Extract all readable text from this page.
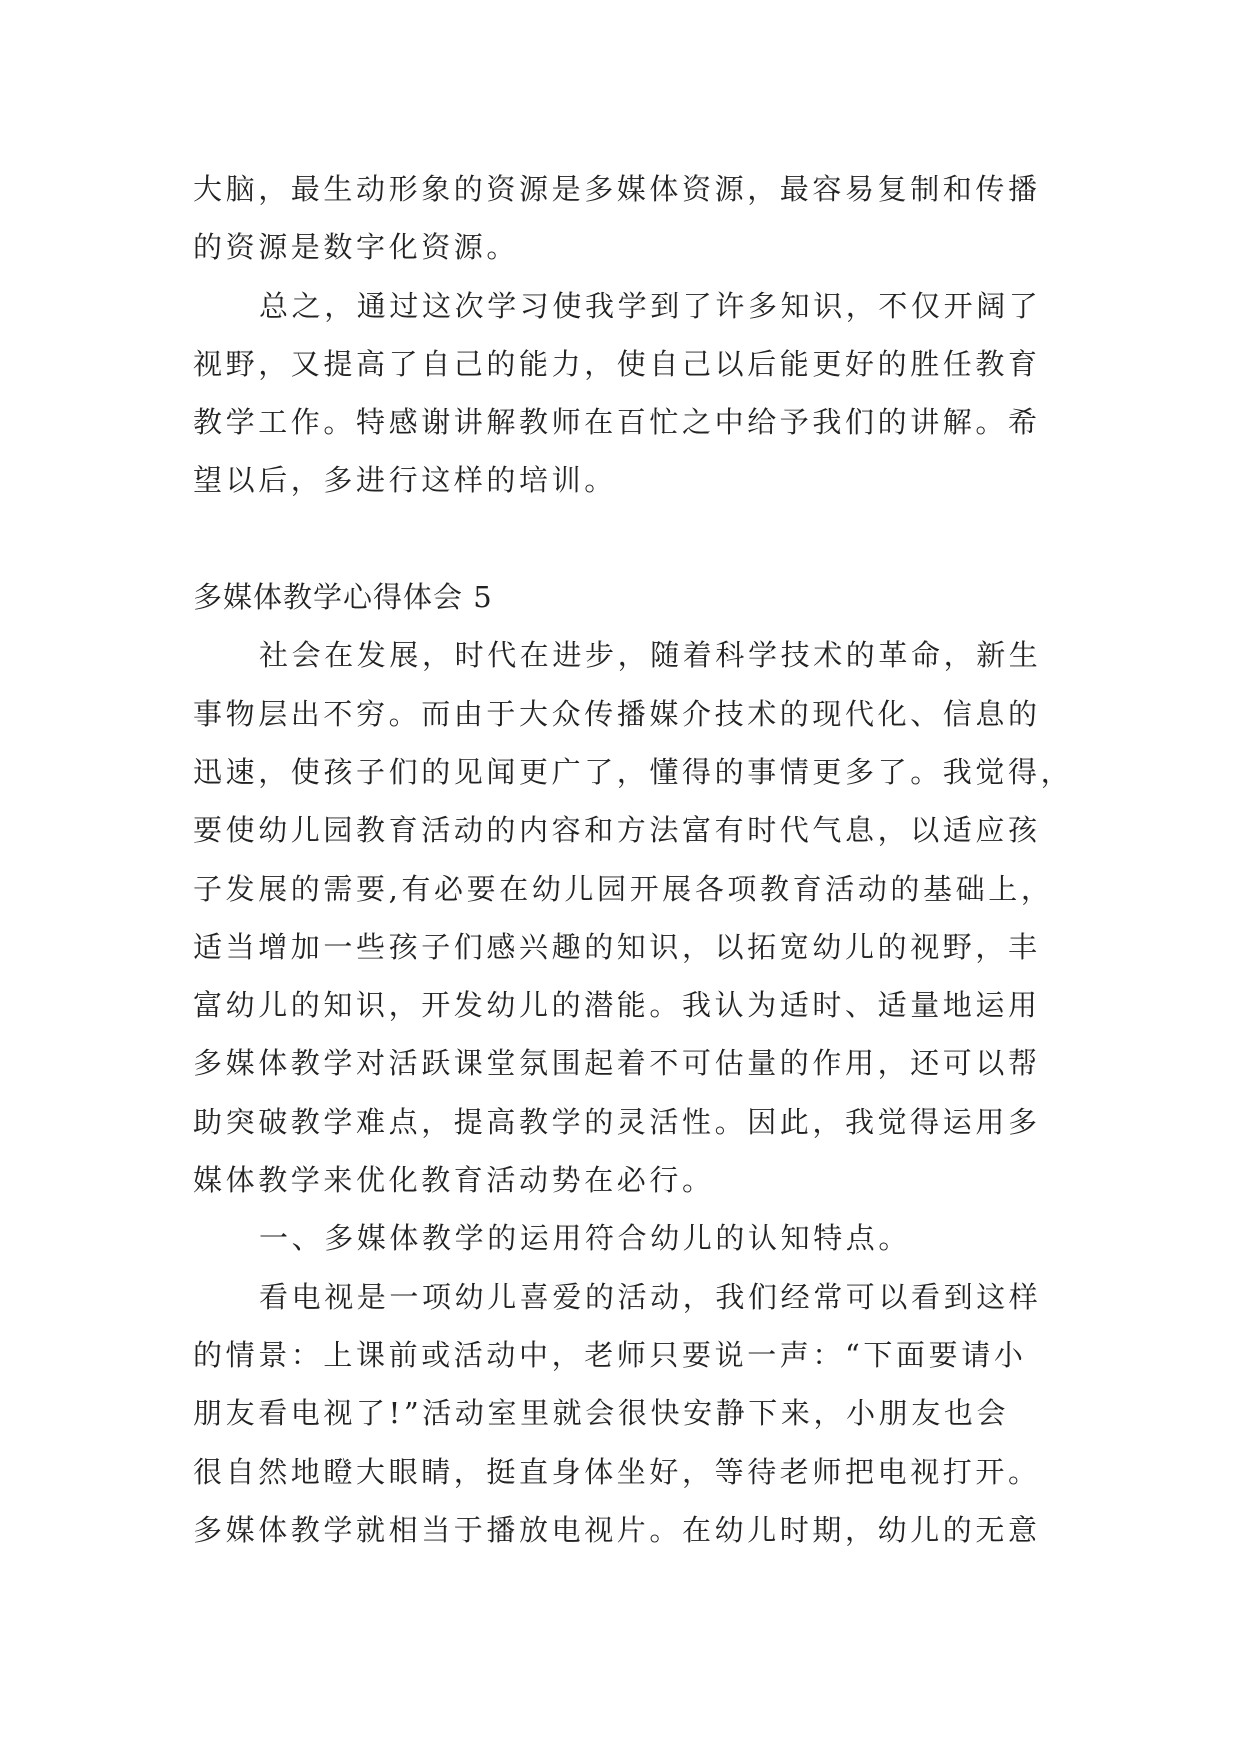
大脑，最生动形象的资源是多媒体资源，最容易复制和传播
的资源是数字化资源。
总之，通过这次学习使我学到了许多知识，不仅开阔了
视野，又提高了自己的能力，使自己以后能更好的胜任教育
教学工作。特感谢讲解教师在百忙之中给予我们的讲解。希
望以后，多进行这样的培训。
多媒体教学心得体会 5
社会在发展，时代在进步，随着科学技术的革命，新生
事物层出不穷。而由于大众传播媒介技术的现代化、信息的
迅速，使孩子们的见闻更广了，懂得的事情更多了。我觉得，
要使幼儿园教育活动的内容和方法富有时代气息，以适应孩
子发展的需要,有必要在幼儿园开展各项教育活动的基础上，
适当增加一些孩子们感兴趣的知识，以拓宽幼儿的视野，丰
富幼儿的知识，开发幼儿的潜能。我认为适时、适量地运用
多媒体教学对活跃课堂氛围起着不可估量的作用，还可以帮
助突破教学难点，提高教学的灵活性。因此，我觉得运用多
媒体教学来优化教育活动势在必行。
一、多媒体教学的运用符合幼儿的认知特点。
看电视是一项幼儿喜爱的活动，我们经常可以看到这样
的情景：上课前或活动中，老师只要说一声：“下面要请小
朋友看电视了!”活动室里就会很快安静下来，小朋友也会
很自然地瞪大眼睛，挺直身体坐好，等待老师把电视打开。
多媒体教学就相当于播放电视片。在幼儿时期，幼儿的无意
